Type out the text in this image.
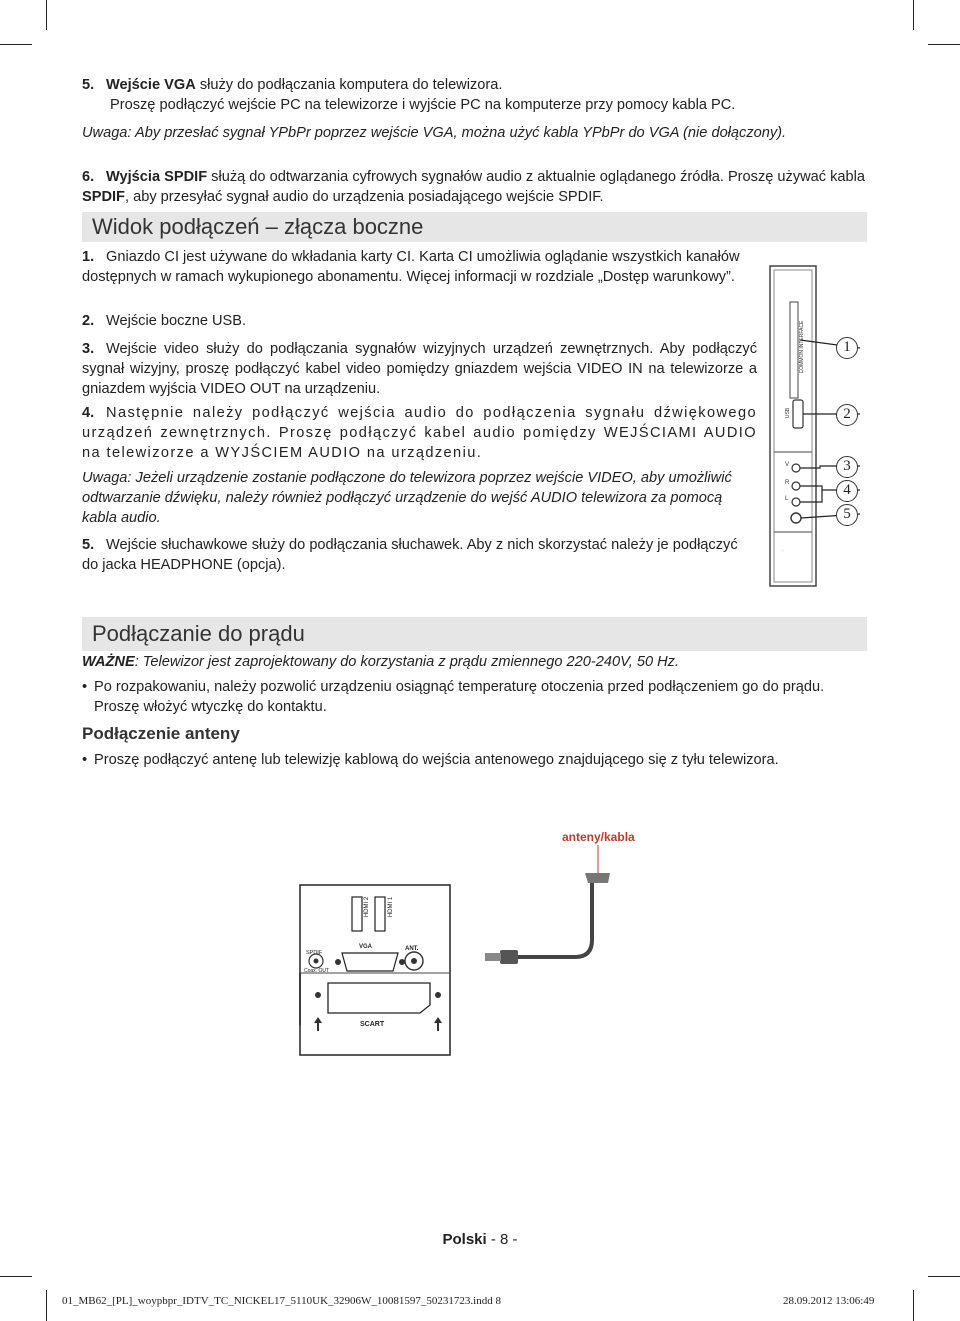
5. Wejście VGA służy do podłączania komputera do telewizora.
Proszę podłączyć wejście PC na telewizorze i wyjście PC na komputerze przy pomocy kabla PC.

Uwaga: Aby przesłać sygnał YPbPr poprzez wejście VGA, można użyć kabla YPbPr do VGA (nie dołączony).

6. Wyjścia SPDIF służą do odtwarzania cyfrowych sygnałów audio z aktualnie oglądanego źródła. Proszę używać kabla SPDIF, aby przesyłać sygnał audio do urządzenia posiadającego wejście SPDIF.

Widok podłączeń – złącza boczne

1. Gniazdo CI jest używane do wkładania karty CI. Karta CI umożliwia oglądanie wszystkich kanałów dostępnych w ramach wykupionego abonamentu. Więcej informacji w rozdziale „Dostęp warunkowy”.

2. Wejście boczne USB.

3. Wejście video służy do podłączania sygnałów wizyjnych urządzeń zewnętrznych. Aby podłączyć sygnał wizyjny, proszę podłączyć kabel video pomiędzy gniazdem wejścia VIDEO IN na telewizorze a gniazdem wyjścia VIDEO OUT na urządzeniu.

4. Następnie należy podłączyć wejścia audio do podłączenia sygnału dźwiękowego urządzeń zewnętrznych. Proszę podłączyć kabel audio pomiędzy WEJŚCIAMI AUDIO na telewizorze a WYJŚCIEM AUDIO na urządzeniu.

Uwaga: Jeżeli urządzenie zostanie podłączone do telewizora poprzez wejście VIDEO, aby umożliwić odtwarzanie dźwięku, należy również podłączyć urządzenie do wejść AUDIO telewizora za pomocą kabla audio.

5. Wejście słuchawkowe służy do podłączania słuchawek. Aby z nich skorzystać należy je podłączyć do jacka HEADPHONE (opcja).

◦
COMMON INTERFACE
USB
V
R
L
1
2
3
4
5
Podłączanie do prądu

WAŻNE: Telewizor jest zaprojektowany do korzystania z prądu zmiennego 220-240V, 50 Hz.

• Po rozpakowaniu, należy pozwolić urządzeniu osiągnąć temperaturę otoczenia przed podłączeniem go do prądu. Proszę włożyć wtyczkę do kontaktu.

Podłączenie anteny

• Proszę podłączyć antenę lub telewizję kablową do wejścia antenowego znajdującego się z tyłu telewizora.

anteny/kabla
HDMI 2	HDMI 1
SPDIF
Coax. OUT
VGA	ANT.
SCART
Polski - 8 -
01_MB62_[PL]_woypbpr_IDTV_TC_NICKEL17_5110UK_32906W_10081597_50231723.indd 8	28.09.2012 13:06:49
